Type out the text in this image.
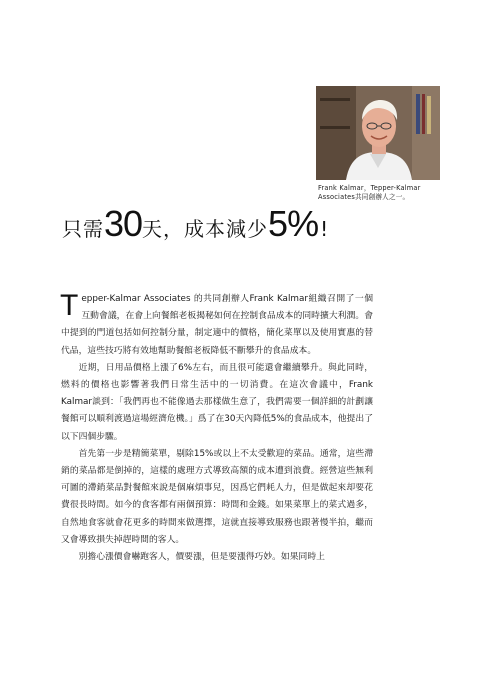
Frank Kalmar，Tepper-Kalmar
Associates共同創辦人之一。
只需30天，成本減少5% !

Tepper-Kalmar Associates 的共同創辦人Frank Kalmar組織召開了一個互動會議，在會上向餐館老板揭秘如何在控制食品成本的同時擴大利潤。會中提到的門道包括如何控制分量，制定適中的價格，簡化菜單以及使用實惠的替代品，這些技巧將有效地幫助餐館老板降低不斷攀升的食品成本。

近期，日用品價格上漲了6%左右，而且很可能還會繼續攀升。與此同時，燃料的價格也影響著我們日常生活中的一切消費。在這次會議中，Frank Kalmar談到：「我們再也不能像過去那樣做生意了，我們需要一個詳細的計劃讓餐館可以順利渡過這場經濟危機。」爲了在30天內降低5%的食品成本，他提出了以下四個步驟。

首先第一步是精簡菜單，剔除15%或以上不太受歡迎的菜品。通常，這些滯銷的菜品都是倒掉的，這樣的處理方式導致高額的成本遭到浪費。經營這些無利可圖的滯銷菜品對餐館來說是個麻煩事兒，因爲它們耗人力，但是做起來却要花費很長時間。如今的食客都有兩個預算：時間和金錢。如果菜單上的菜式過多，自然地食客就會花更多的時間來做選擇，這就直接導致服務也跟著慢半拍，繼而又會導致損失掉趕時間的客人。

別擔心漲價會嚇跑客人，價要漲，但是要漲得巧妙。如果同時上
